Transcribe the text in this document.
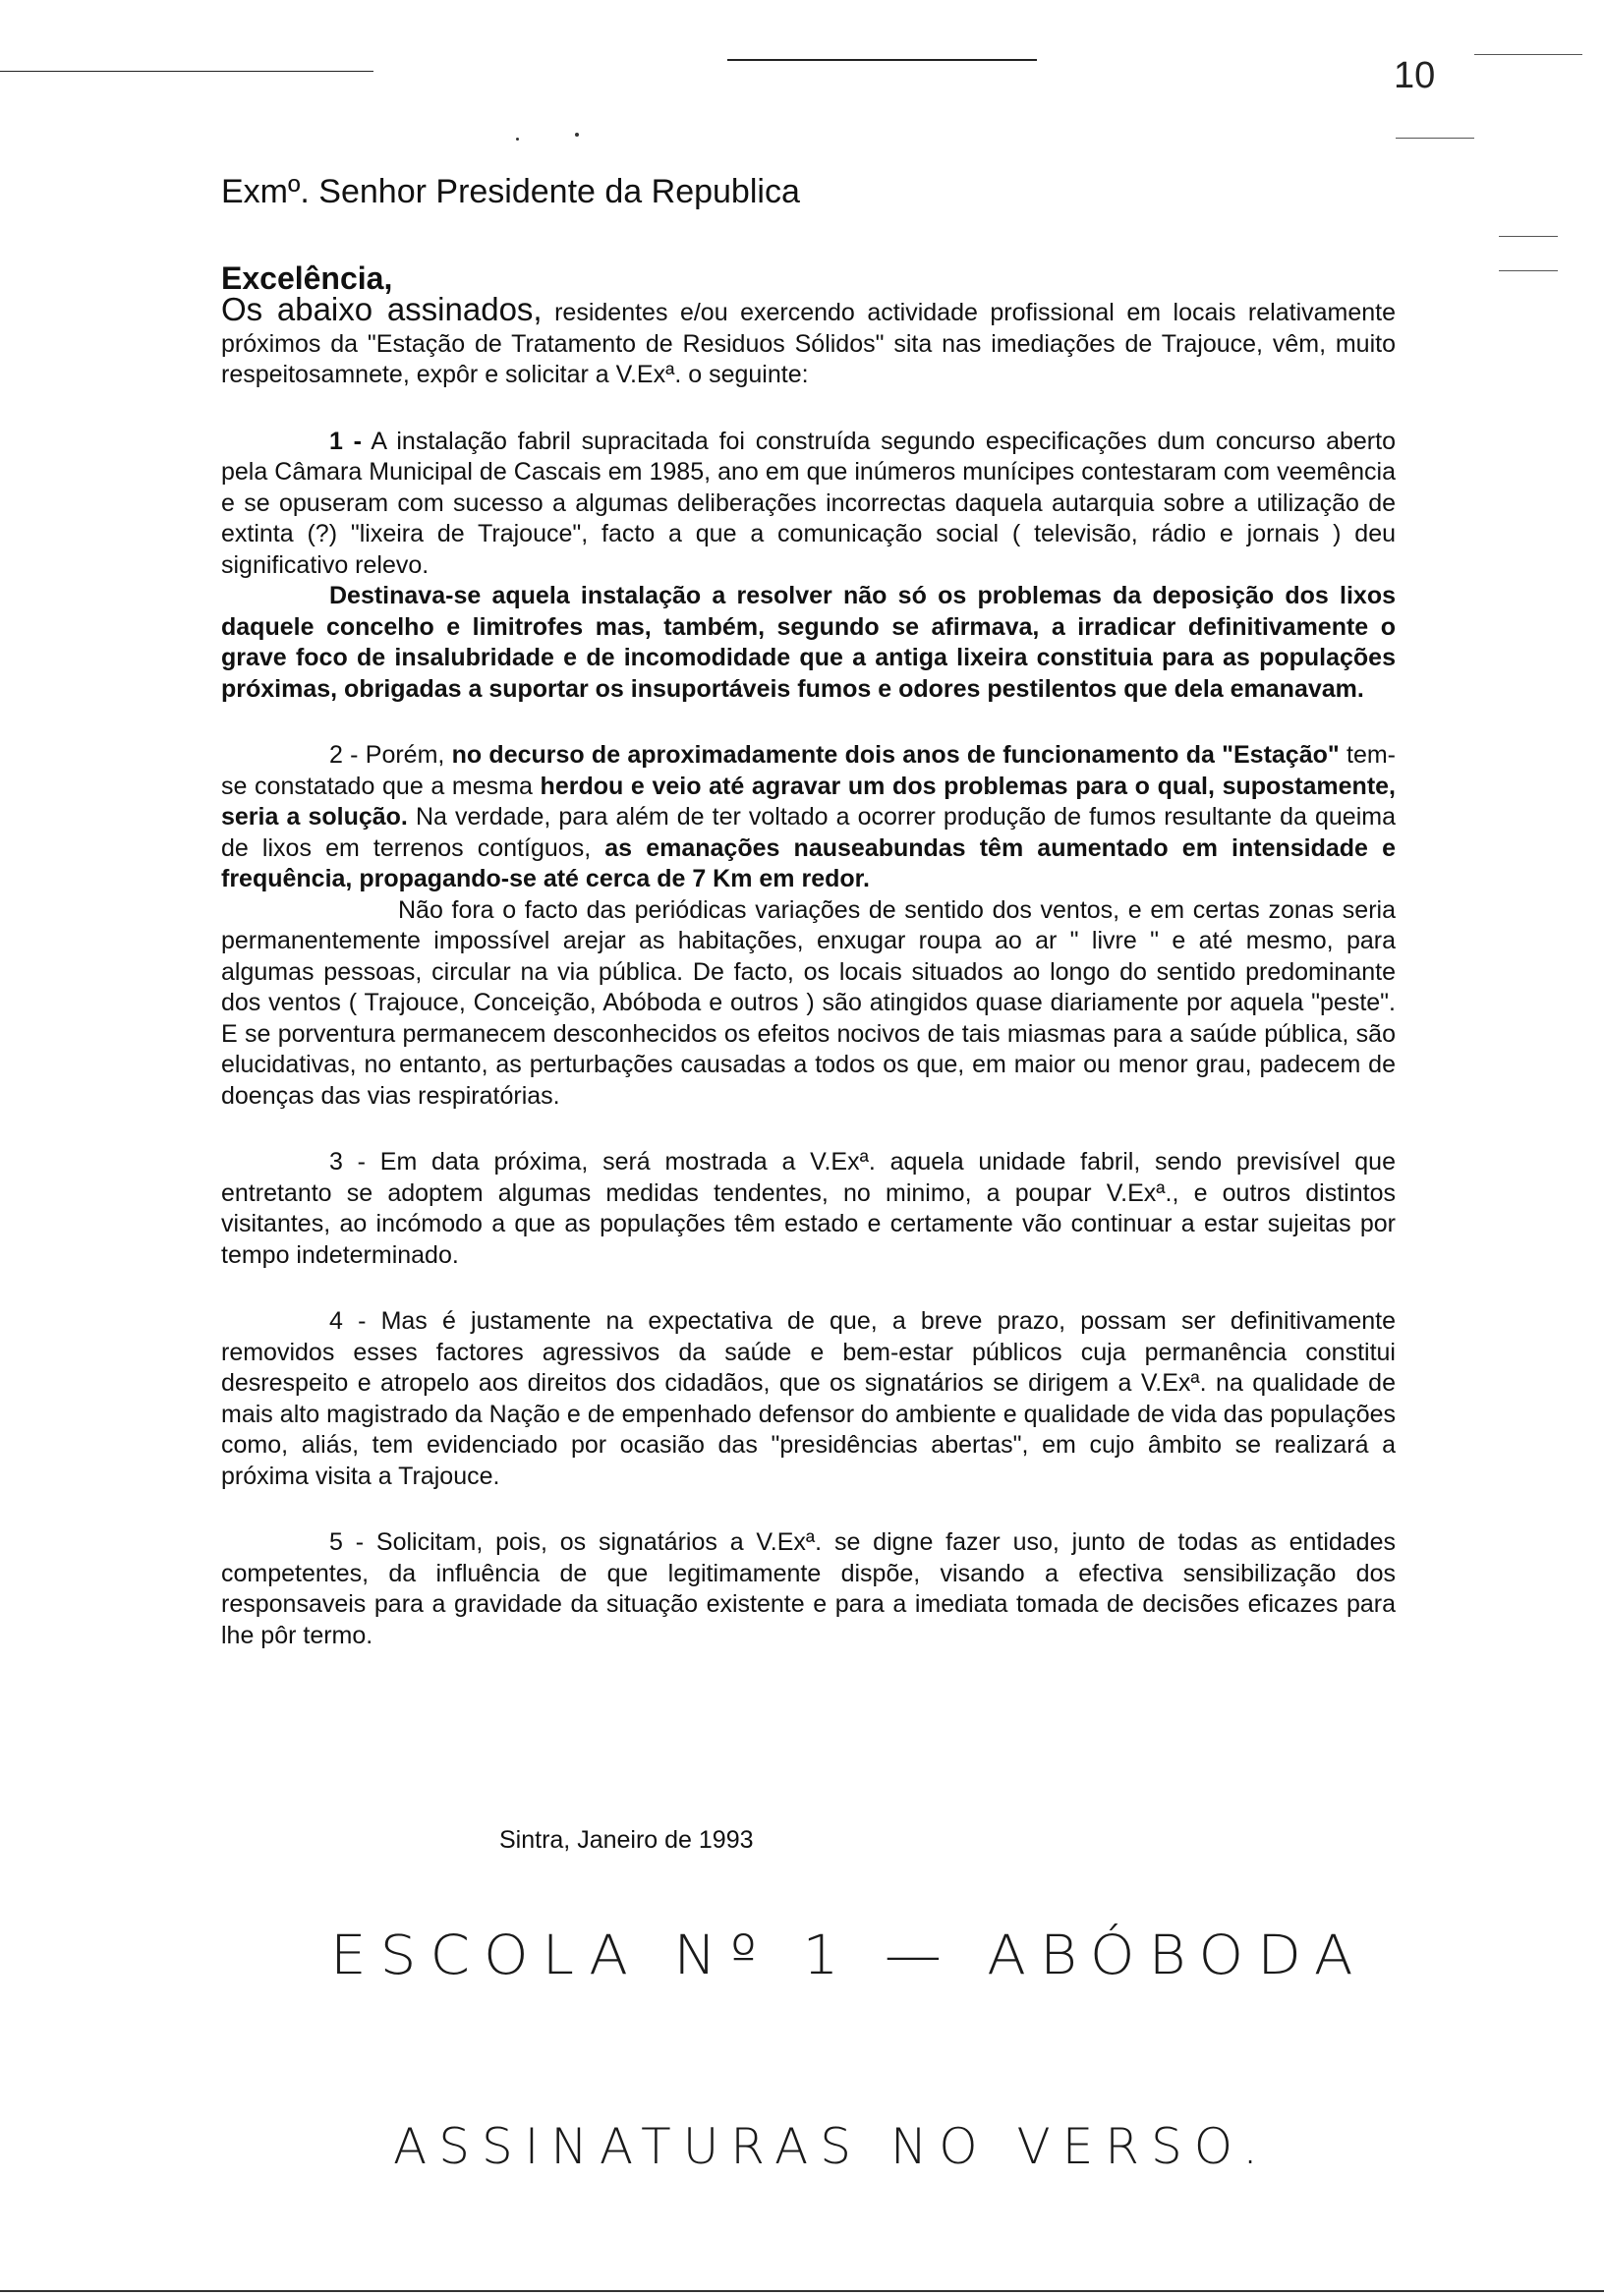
10
Exmº. Senhor Presidente da Republica
Excelência,

Os abaixo assinados, residentes e/ou exercendo actividade profissional em locais relativamente próximos da "Estação de Tratamento de Residuos Sólidos" sita nas imediações de Trajouce, vêm, muito respeitosamnete, expôr e solicitar a V.Exª. o seguinte:

1 - A instalação fabril supracitada foi construída segundo especificações dum concurso aberto pela Câmara Municipal de Cascais em 1985, ano em que inúmeros munícipes contestaram com veemência e se opuseram com sucesso a algumas deliberações incorrectas daquela autarquia sobre a utilização de extinta (?) "lixeira de Trajouce", facto a que a comunicação social ( televisão, rádio e jornais ) deu significativo relevo.

Destinava-se aquela instalação a resolver não só os problemas da deposição dos lixos daquele concelho e limitrofes mas, também, segundo se afirmava, a irradicar definitivamente o grave foco de insalubridade e de incomodidade que a antiga lixeira constituia para as populações próximas, obrigadas a suportar os insuportáveis fumos e odores pestilentos que dela emanavam.

2 - Porém, no decurso de aproximadamente dois anos de funcionamento da "Estação" tem-se constatado que a mesma herdou e veio até agravar um dos problemas para o qual, supostamente, seria a solução. Na verdade, para além de ter voltado a ocorrer produção de fumos resultante da queima de lixos em terrenos contíguos, as emanações nauseabundas têm aumentado em intensidade e frequência, propagando-se até cerca de 7 Km em redor.

Não fora o facto das periódicas variações de sentido dos ventos, e em certas zonas seria permanentemente impossível arejar as habitações, enxugar roupa ao ar " livre " e até mesmo, para algumas pessoas, circular na via pública. De facto, os locais situados ao longo do sentido predominante dos ventos ( Trajouce, Conceição, Abóboda e outros ) são atingidos quase diariamente por aquela "peste". E se porventura permanecem desconhecidos os efeitos nocivos de tais miasmas para a saúde pública, são elucidativas, no entanto, as perturbações causadas a todos os que, em maior ou menor grau, padecem de doenças das vias respiratórias.

3 - Em data próxima, será mostrada a V.Exª. aquela unidade fabril, sendo previsível que entretanto se adoptem algumas medidas tendentes, no minimo, a poupar V.Exª., e outros distintos visitantes, ao incómodo a que as populações têm estado e certamente vão continuar a estar sujeitas por tempo indeterminado.

4 - Mas é justamente na expectativa de que, a breve prazo, possam ser definitivamente removidos esses factores agressivos da saúde e bem-estar públicos cuja permanência constitui desrespeito e atropelo aos direitos dos cidadãos, que os signatários se dirigem a V.Exª. na qualidade de mais alto magistrado da Nação e de empenhado defensor do ambiente e qualidade de vida das populações como, aliás, tem evidenciado por ocasião das "presidências abertas", em cujo âmbito se realizará a próxima visita a Trajouce.

5 - Solicitam, pois, os signatários a V.Exª. se digne fazer uso, junto de todas as entidades competentes, da influência de que legitimamente dispõe, visando a efectiva sensibilização dos responsaveis para a gravidade da situação existente e para a imediata tomada de decisões eficazes para lhe pôr termo.

Sintra, Janeiro de 1993
ESCOLA Nº 1 — ABÓBODA
ASSINATURAS NO VERSO.
